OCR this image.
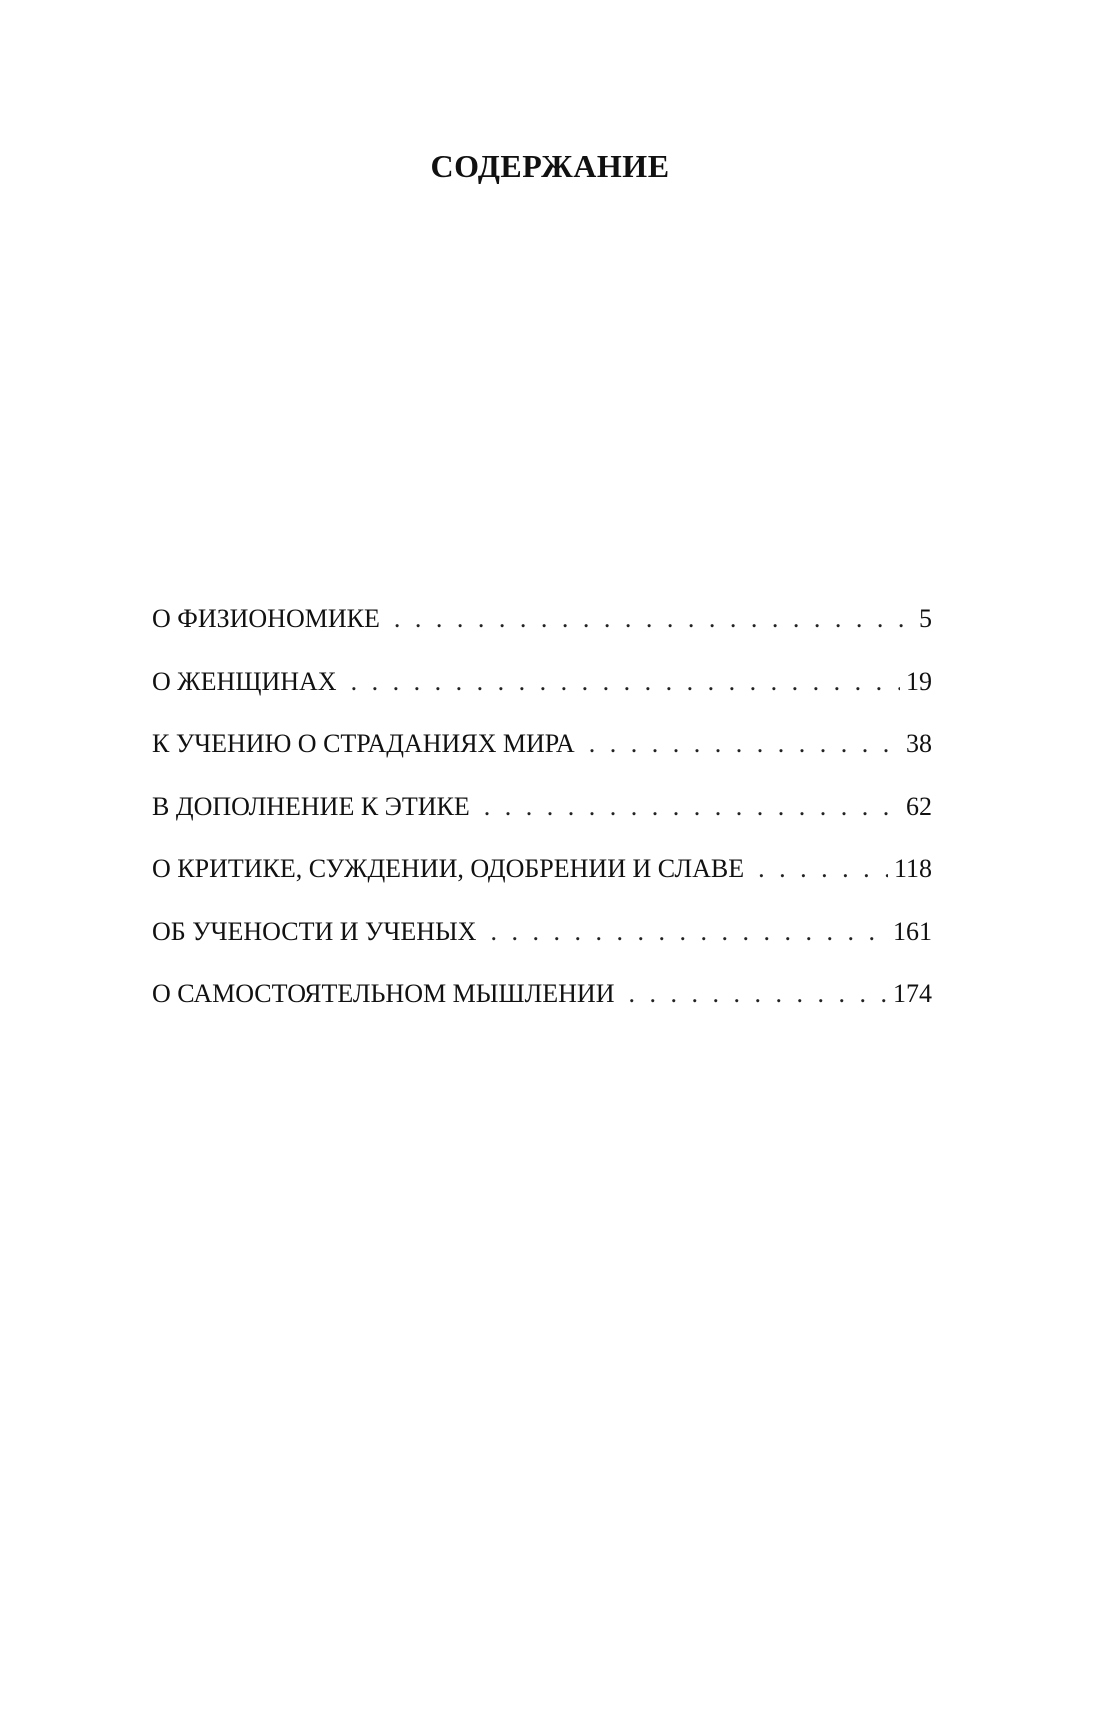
СОДЕРЖАНИЕ
О ФИЗИОНОМИКЕ . . .	5
О ЖЕНЩИНАХ . . .	19
К УЧЕНИЮ О СТРАДАНИЯХ МИРА . . .	38
В ДОПОЛНЕНИЕ К ЭТИКЕ . . .	62
О КРИТИКЕ, СУЖДЕНИИ, ОДОБРЕНИИ И СЛАВЕ . . .	118
ОБ УЧЕНОСТИ И УЧЕНЫХ . . .	161
О САМОСТОЯТЕЛЬНОМ МЫШЛЕНИИ . . .	174
